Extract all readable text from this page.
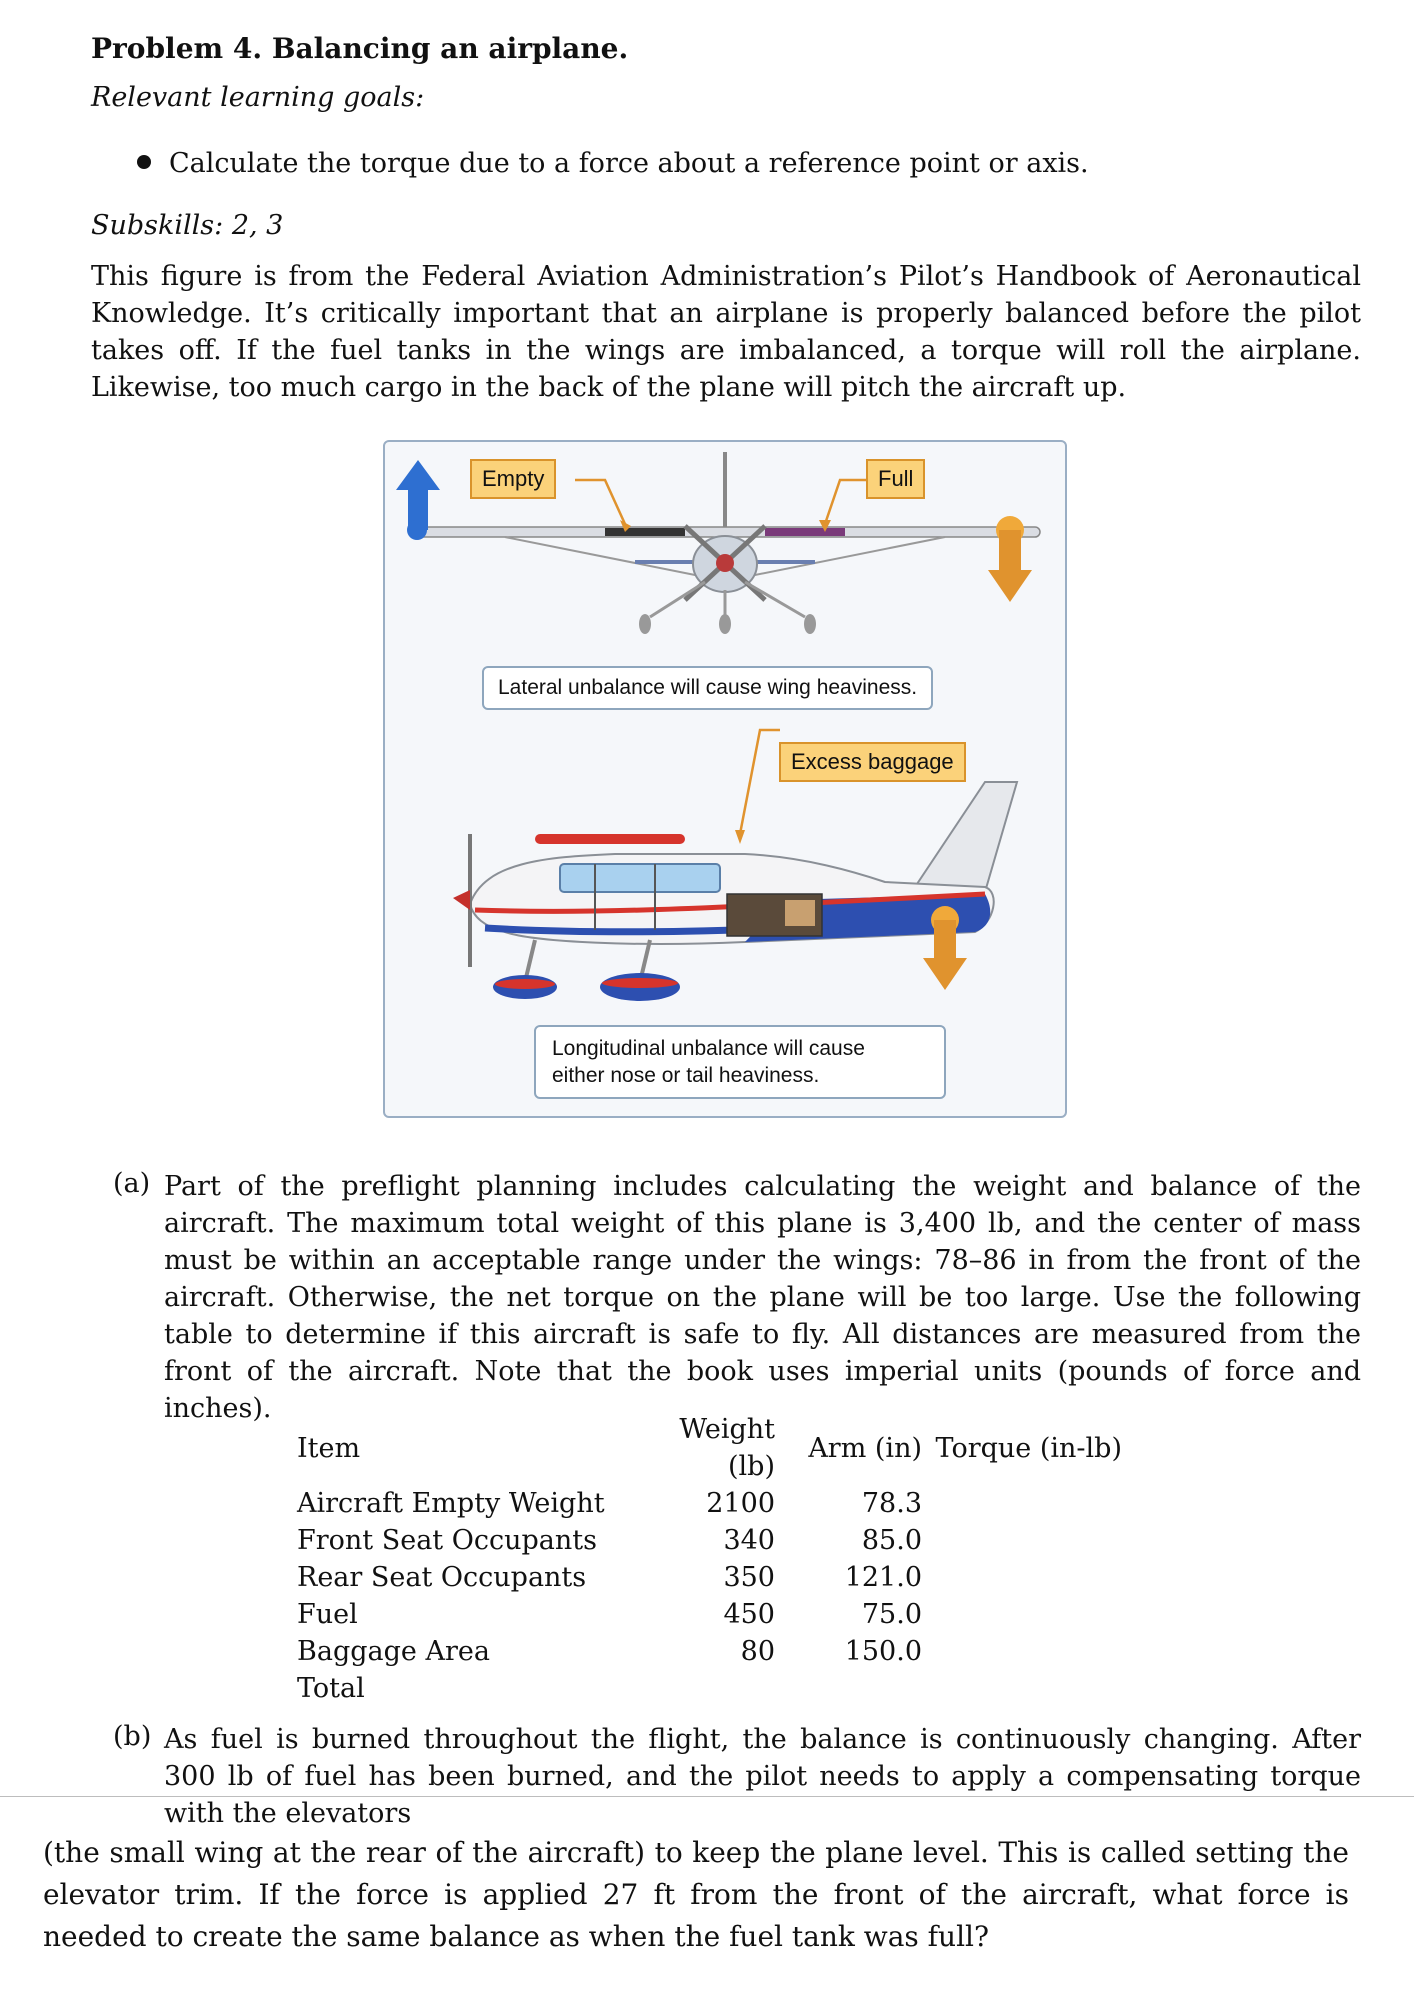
Problem 4. Balancing an airplane.
Relevant learning goals:
Calculate the torque due to a force about a reference point or axis.
Subskills: 2, 3
This figure is from the Federal Aviation Administration’s Pilot’s Handbook of Aeronautical Knowledge. It’s critically important that an airplane is properly balanced before the pilot takes off. If the fuel tanks in the wings are imbalanced, a torque will roll the airplane. Likewise, too much cargo in the back of the plane will pitch the aircraft up.
Empty	Full
Lateral unbalance will cause wing heaviness.
Excess baggage
Longitudinal unbalance will cause
either nose or tail heaviness.
(a) Part of the preflight planning includes calculating the weight and balance of the aircraft. The maximum total weight of this plane is 3,400 lb, and the center of mass must be within an acceptable range under the wings: 78–86 in from the front of the aircraft. Otherwise, the net torque on the plane will be too large. Use the following table to determine if this aircraft is safe to fly. All distances are measured from the front of the aircraft. Note that the book uses imperial units (pounds of force and inches).
Item	Weight (lb)	Arm (in)	Torque (in-lb)
Aircraft Empty Weight	2100	78.3	
Front Seat Occupants	340	85.0	
Rear Seat Occupants	350	121.0	
Fuel	450	75.0	
Baggage Area	80	150.0	
Total			
(b) As fuel is burned throughout the flight, the balance is continuously changing. After 300 lb of fuel has been burned, and the pilot needs to apply a compensating torque with the elevators
(the small wing at the rear of the aircraft) to keep the plane level. This is called setting the elevator trim. If the force is applied 27 ft from the front of the aircraft, what force is needed to create the same balance as when the fuel tank was full?
